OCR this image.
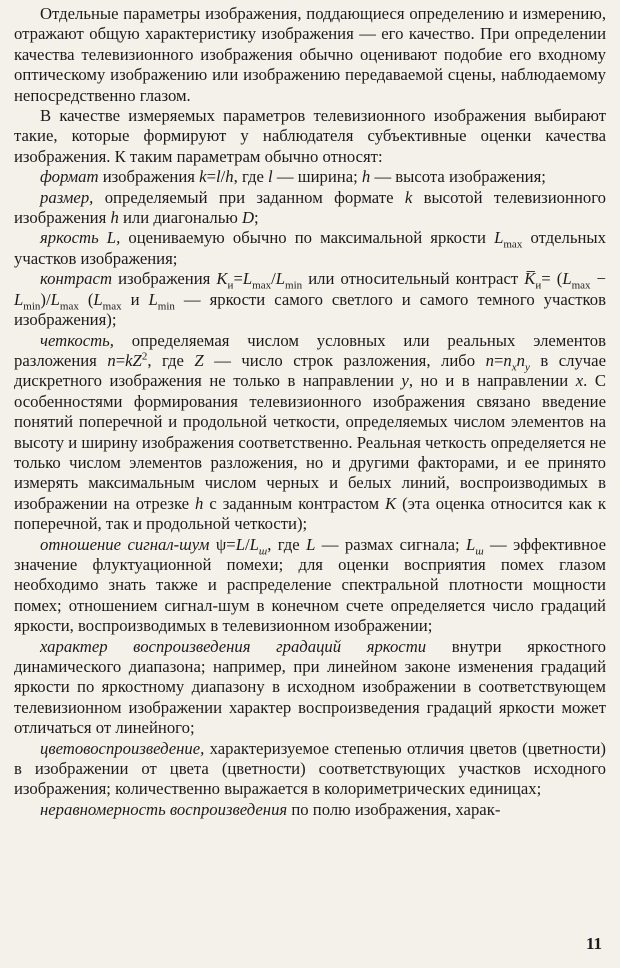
Отдельные параметры изображения, поддающиеся определению и измерению, отражают общую характеристику изображения — его качество. При определении качества телевизионного изображения обычно оценивают подобие его входному оптическому изображению или изображению передаваемой сцены, наблюдаемому непосредственно глазом.

В качестве измеряемых параметров телевизионного изображения выбирают такие, которые формируют у наблюдателя субъективные оценки качества изображения. К таким параметрам обычно относят:

формат изображения k=l/h, где l — ширина; h — высота изображения;

размер, определяемый при заданном формате k высотой телевизионного изображения h или диагональю D;

яркость L, оцениваемую обычно по максимальной яркости $L_{max}$ отдельных участков изображения;

контраст изображения $K_и=L_{max}/L_{min}$ или относительный контраст $K̅_и= (L_{max} - L_{min})/L_{max}$ ($L_{max}$ и $L_{min}$ — яркости самого светлого и самого темного участков изображения);

четкость, определяемая числом условных или реальных элементов разложения $n=kZ^2$, где Z — число строк разложения, либо $n=n_xn_y$ в случае дискретного изображения не только в направлении y, но и в направлении x. С особенностями формирования телевизионного изображения связано введение понятий поперечной и продольной четкости, определяемых числом элементов на высоту и ширину изображения соответственно. Реальная четкость определяется не только числом элементов разложения, но и другими факторами, и ее принято измерять максимальным числом черных и белых линий, воспроизводимых в изображении на отрезке h с заданным контрастом K (эта оценка относится как к поперечной, так и продольной четкости);

отношение сигнал-шум $\psi=L/L_ш$, где L — размах сигнала; $L_ш$ — эффективное значение флуктуационной помехи; для оценки восприятия помех глазом необходимо знать также и распределение спектральной плотности мощности помех; отношением сигнал-шум в конечном счете определяется число градаций яркости, воспроизводимых в телевизионном изображении;

характер воспроизведения градаций яркости внутри яркостного динамического диапазона; например, при линейном законе изменения градаций яркости по яркостному диапазону в исходном изображении в соответствующем телевизионном изображении характер воспроизведения градаций яркости может отличаться от линейного;

цветовоспроизведение, характеризуемое степенью отличия цветов (цветности) в изображении от цвета (цветности) соответствующих участков исходного изображения; количественно выражается в колориметрических единицах;

неравномерность воспроизведения по полю изображения, харак-

11
